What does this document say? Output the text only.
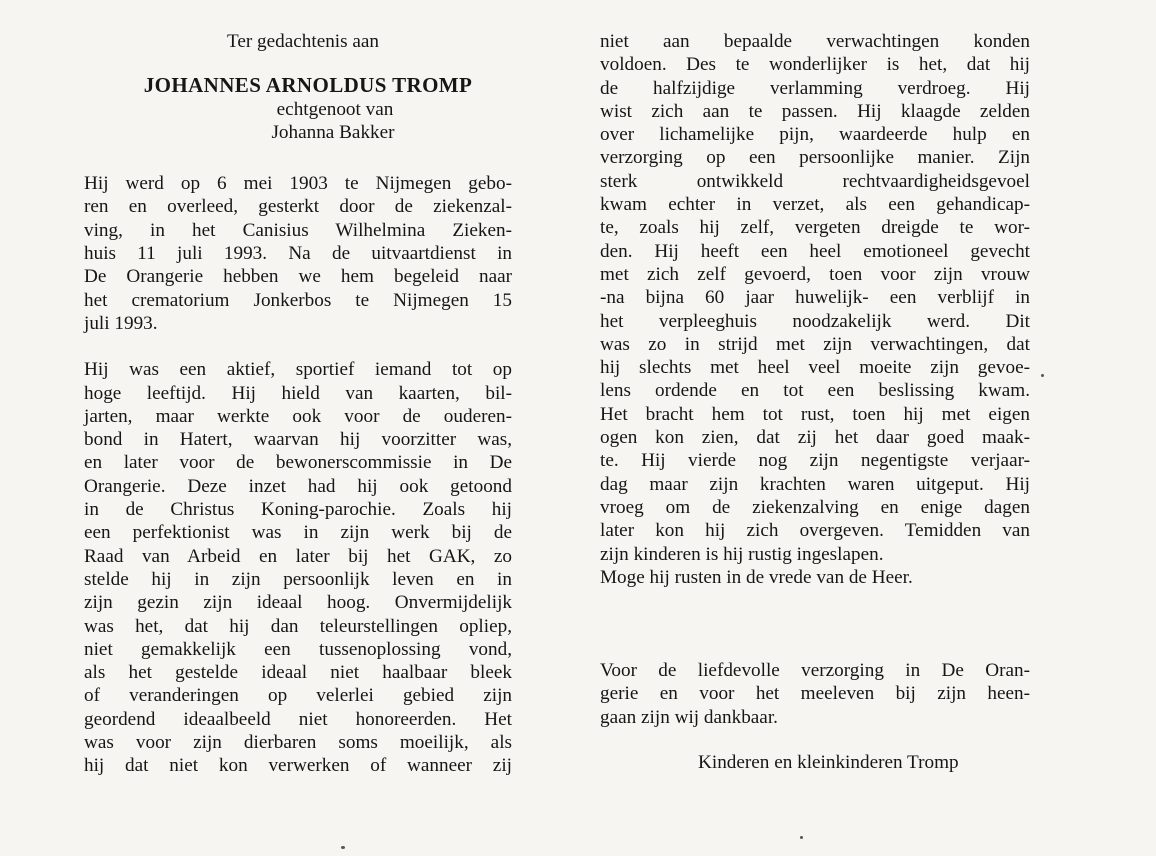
Ter gedachtenis aan
JOHANNES ARNOLDUS TROMP
echtgenoot van
Johanna Bakker
Hij werd op 6 mei 1903 te Nijmegen gebo-
ren en overleed, gesterkt door de ziekenzal-
ving, in het Canisius Wilhelmina Zieken-
huis 11 juli 1993. Na de uitvaartdienst in
De Orangerie hebben we hem begeleid naar
het crematorium Jonkerbos te Nijmegen 15
juli 1993.
Hij was een aktief, sportief iemand tot op
hoge leeftijd. Hij hield van kaarten, bil-
jarten, maar werkte ook voor de ouderen-
bond in Hatert, waarvan hij voorzitter was,
en later voor de bewonerscommissie in De
Orangerie. Deze inzet had hij ook getoond
in de Christus Koning-parochie. Zoals hij
een perfektionist was in zijn werk bij de
Raad van Arbeid en later bij het GAK, zo
stelde hij in zijn persoonlijk leven en in
zijn gezin zijn ideaal hoog. Onvermijdelijk
was het, dat hij dan teleurstellingen opliep,
niet gemakkelijk een tussenoplossing vond,
als het gestelde ideaal niet haalbaar bleek
of veranderingen op velerlei gebied zijn
geordend ideaalbeeld niet honoreerden. Het
was voor zijn dierbaren soms moeilijk, als
hij dat niet kon verwerken of wanneer zij
niet aan bepaalde verwachtingen konden
voldoen. Des te wonderlijker is het, dat hij
de halfzijdige verlamming verdroeg. Hij
wist zich aan te passen. Hij klaagde zelden
over lichamelijke pijn, waardeerde hulp en
verzorging op een persoonlijke manier. Zijn
sterk ontwikkeld rechtvaardigheidsgevoel
kwam echter in verzet, als een gehandicap-
te, zoals hij zelf, vergeten dreigde te wor-
den. Hij heeft een heel emotioneel gevecht
met zich zelf gevoerd, toen voor zijn vrouw
-na bijna 60 jaar huwelijk- een verblijf in
het verpleeghuis noodzakelijk werd. Dit
was zo in strijd met zijn verwachtingen, dat
hij slechts met heel veel moeite zijn gevoe-
lens ordende en tot een beslissing kwam.
Het bracht hem tot rust, toen hij met eigen
ogen kon zien, dat zij het daar goed maak-
te. Hij vierde nog zijn negentigste verjaar-
dag maar zijn krachten waren uitgeput. Hij
vroeg om de ziekenzalving en enige dagen
later kon hij zich overgeven. Temidden van
zijn kinderen is hij rustig ingeslapen.
Moge hij rusten in de vrede van de Heer.
Voor de liefdevolle verzorging in De Oran-
gerie en voor het meeleven bij zijn heen-
gaan zijn wij dankbaar.
Kinderen en kleinkinderen Tromp
